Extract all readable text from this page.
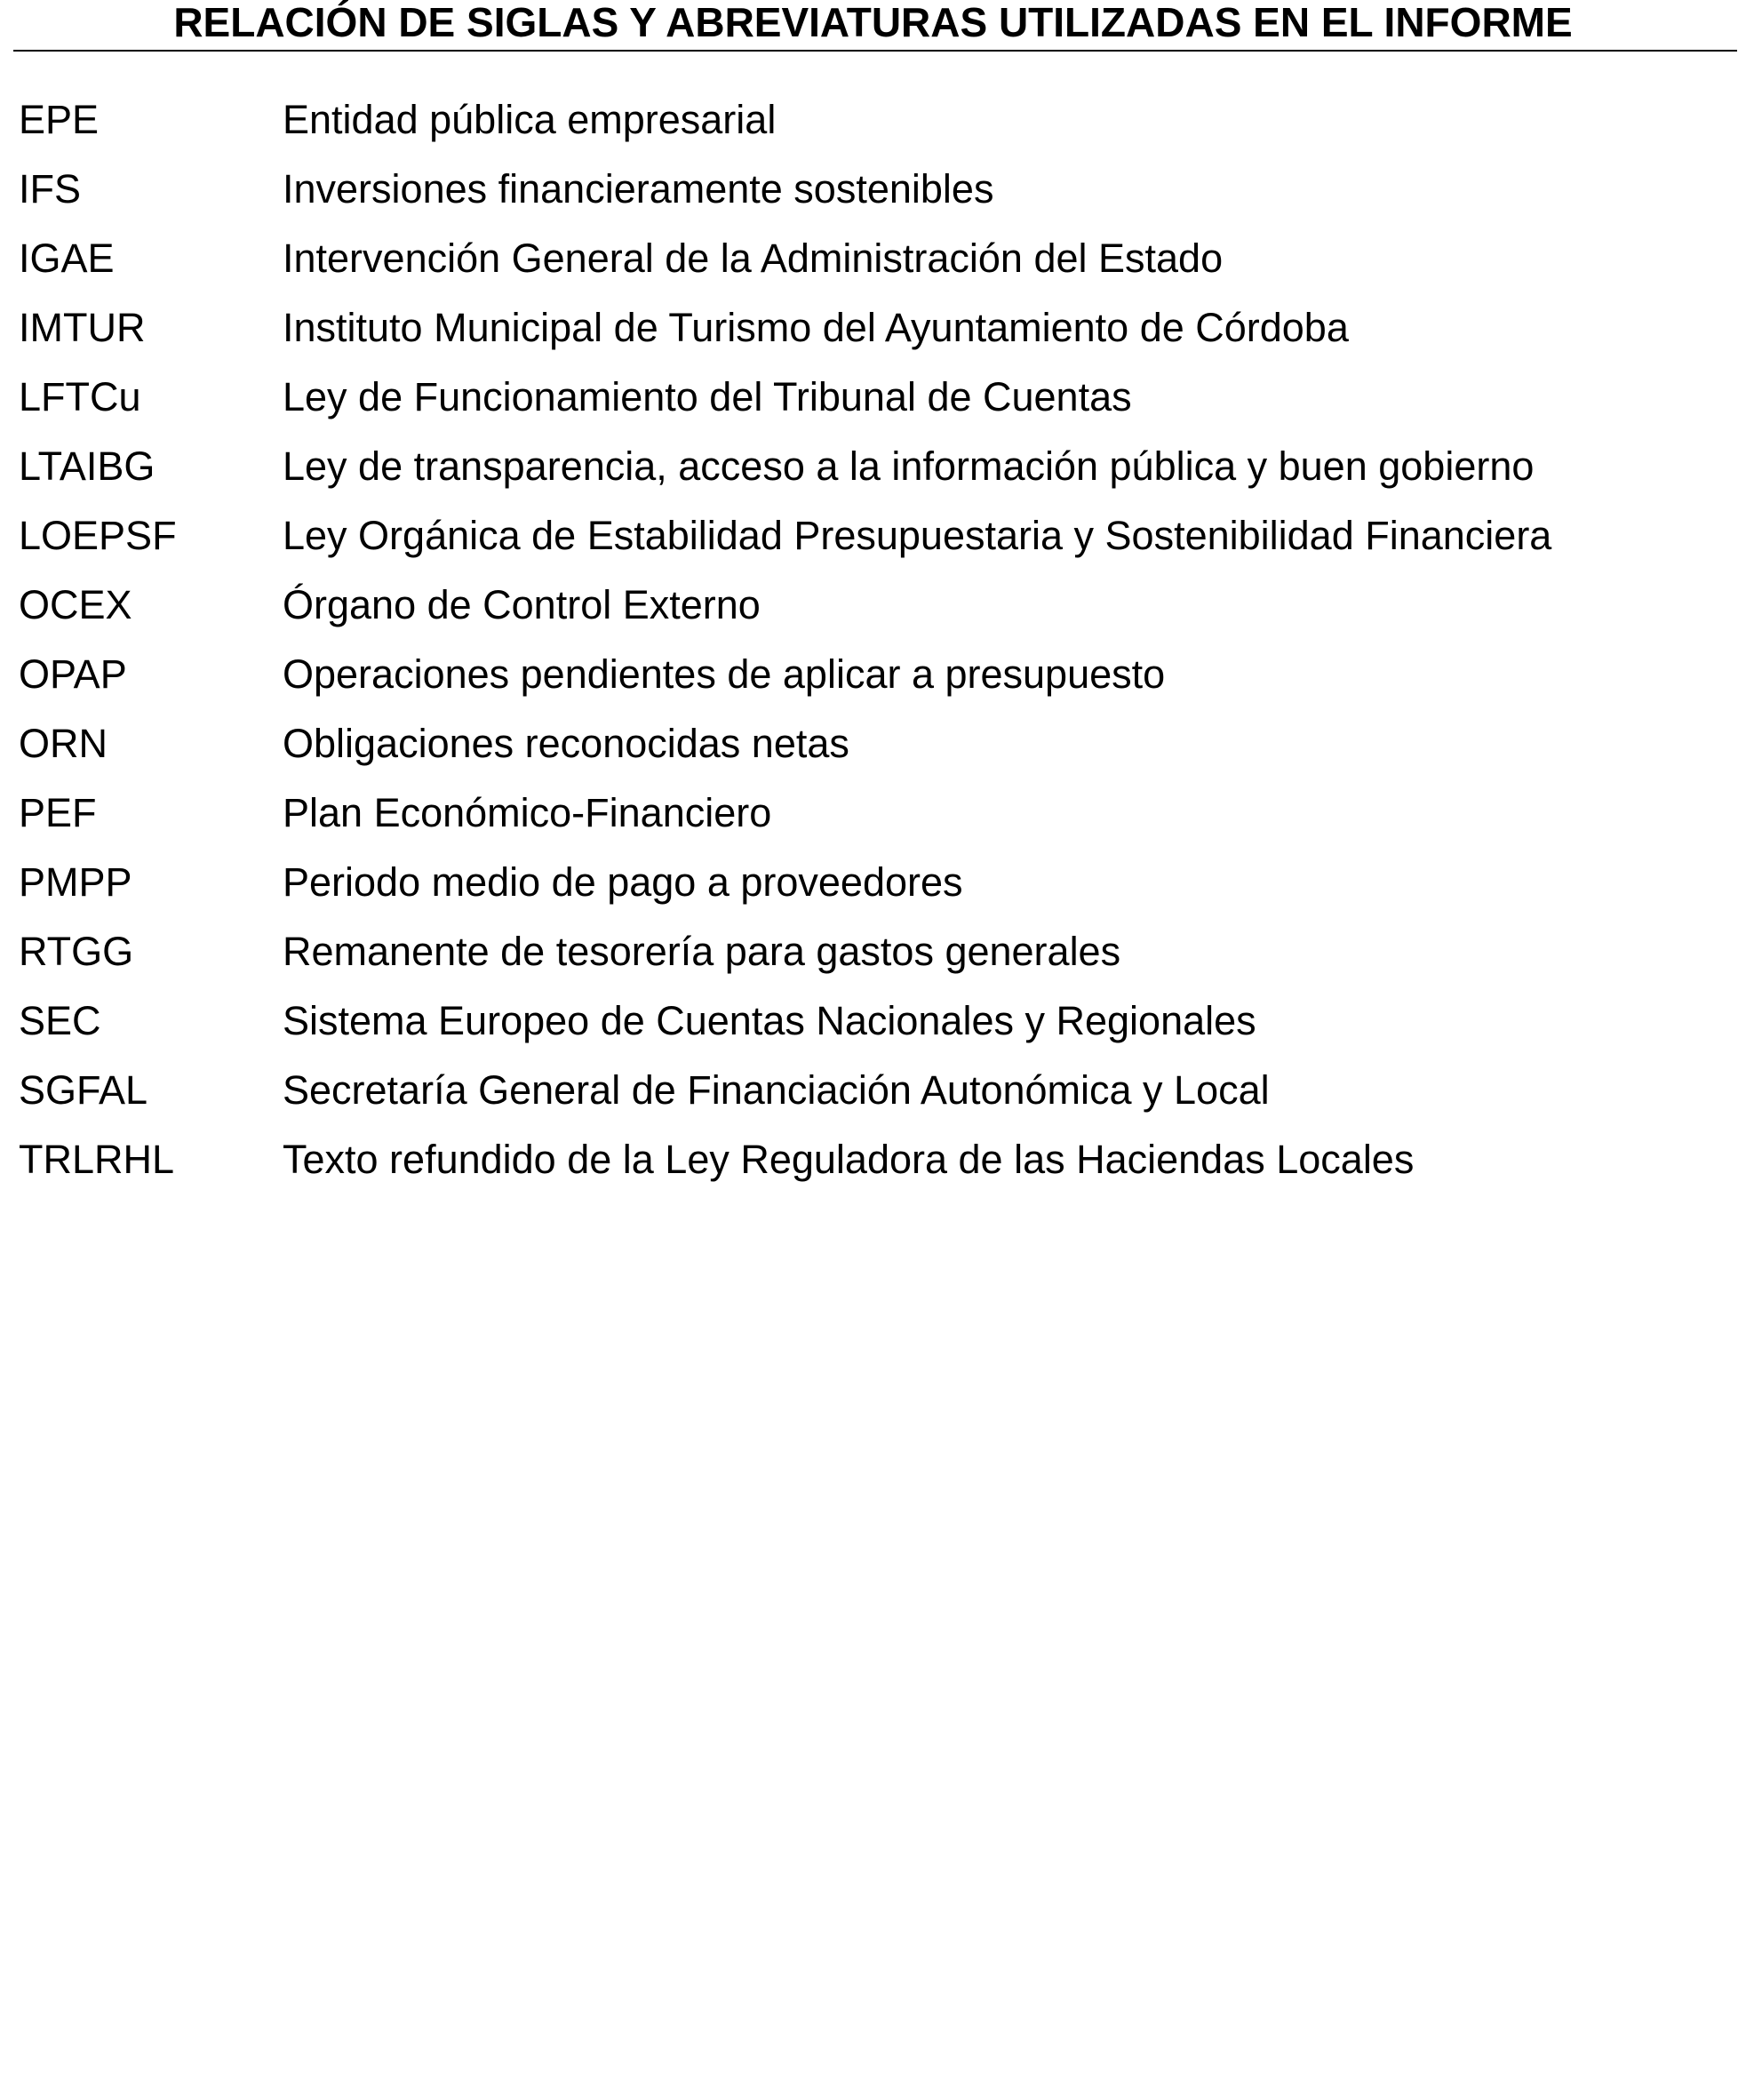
RELACIÓN DE SIGLAS Y ABREVIATURAS UTILIZADAS EN EL INFORME
EPE	Entidad pública empresarial
IFS	Inversiones financieramente sostenibles
IGAE	Intervención General de la Administración del Estado
IMTUR	Instituto Municipal de Turismo del Ayuntamiento de Córdoba
LFTCu	Ley de Funcionamiento del Tribunal de Cuentas
LTAIBG	Ley de transparencia, acceso a la información pública y buen gobierno
LOEPSF	Ley Orgánica de Estabilidad Presupuestaria y Sostenibilidad Financiera
OCEX	Órgano de Control Externo
OPAP	Operaciones pendientes de aplicar a presupuesto
ORN	Obligaciones reconocidas netas
PEF	Plan Económico-Financiero
PMPP	Periodo medio de pago a proveedores
RTGG	Remanente de tesorería para gastos generales
SEC	Sistema Europeo de Cuentas Nacionales y Regionales
SGFAL	Secretaría General de Financiación Autonómica y Local
TRLRHL	Texto refundido de la Ley Reguladora de las Haciendas Locales
